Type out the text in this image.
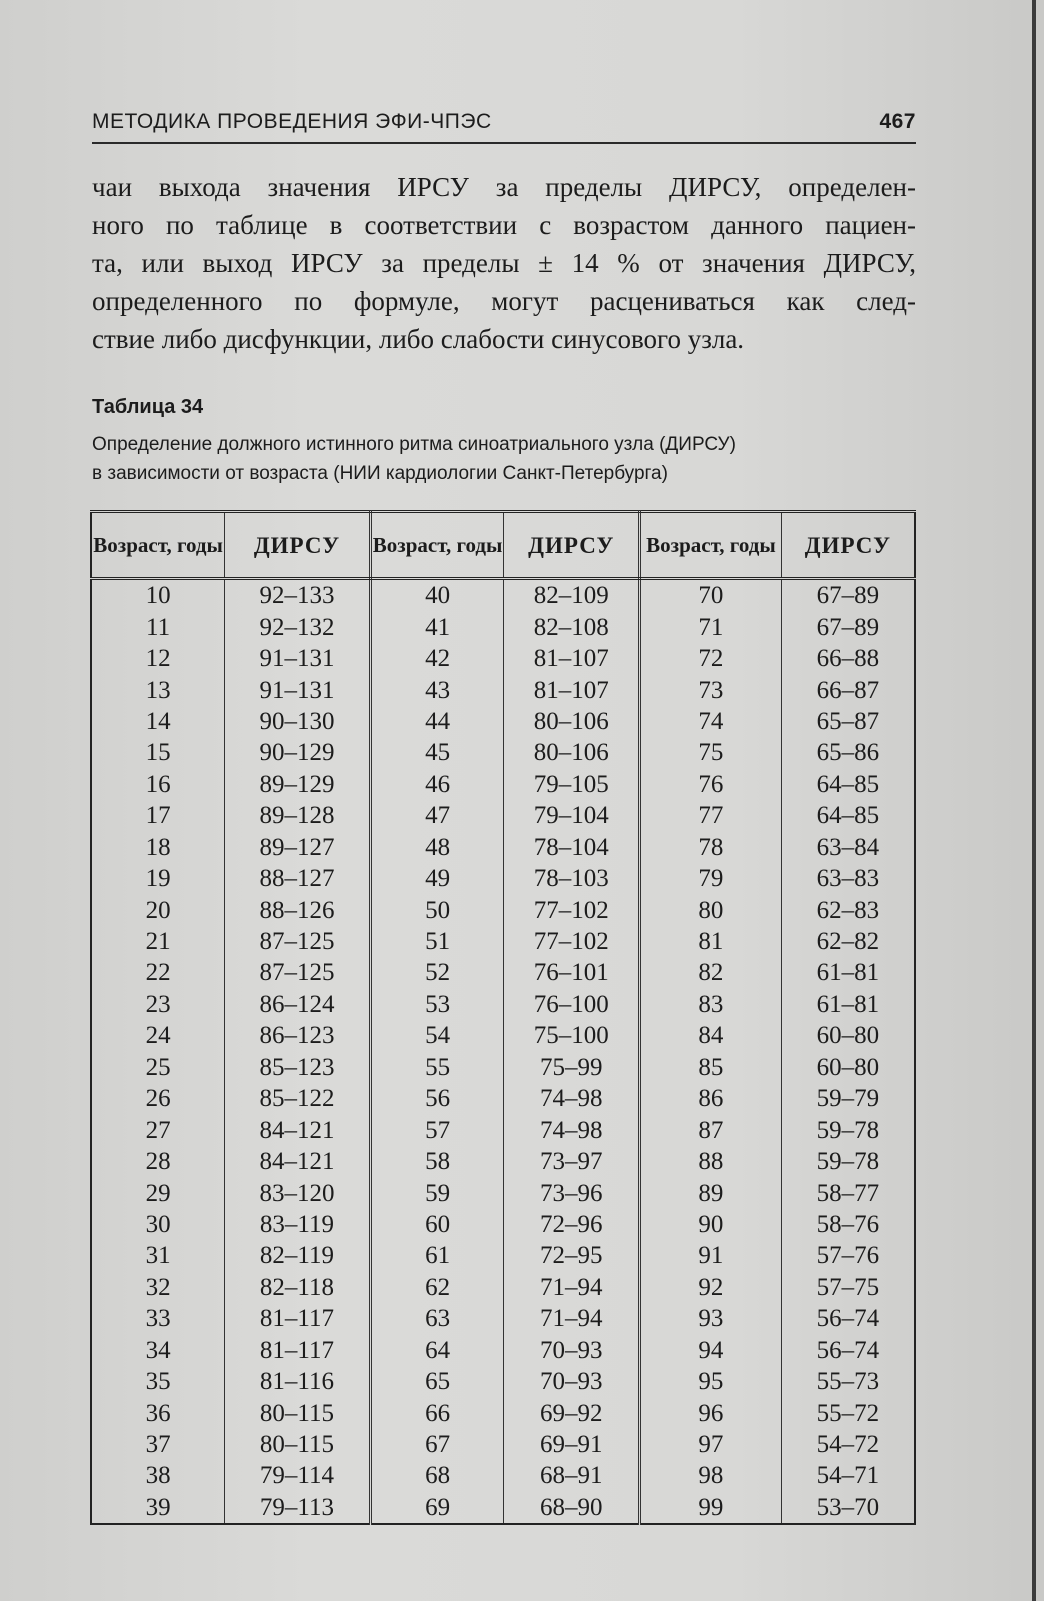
МЕТОДИКА ПРОВЕДЕНИЯ ЭФИ-ЧПЭС	467
чаи выхода значения ИРСУ за пределы ДИРСУ, определен-
ного по таблице в соответствии с возрастом данного пациен-
та, или выход ИРСУ за пределы ± 14 % от значения ДИРСУ,
определенного по формуле, могут расцениваться как след-
ствие либо дисфункции, либо слабости синусового узла.
Таблица 34
Определение должного истинного ритма синоатриального узла (ДИРСУ)
в зависимости от возраста (НИИ кардиологии Санкт-Петербурга)
Возраст, годы	ДИРСУ	Возраст, годы	ДИРСУ	Возраст, годы	ДИРСУ
10	92–133	40	82–109	70	67–89
11	92–132	41	82–108	71	67–89
12	91–131	42	81–107	72	66–88
13	91–131	43	81–107	73	66–87
14	90–130	44	80–106	74	65–87
15	90–129	45	80–106	75	65–86
16	89–129	46	79–105	76	64–85
17	89–128	47	79–104	77	64–85
18	89–127	48	78–104	78	63–84
19	88–127	49	78–103	79	63–83
20	88–126	50	77–102	80	62–83
21	87–125	51	77–102	81	62–82
22	87–125	52	76–101	82	61–81
23	86–124	53	76–100	83	61–81
24	86–123	54	75–100	84	60–80
25	85–123	55	75–99	85	60–80
26	85–122	56	74–98	86	59–79
27	84–121	57	74–98	87	59–78
28	84–121	58	73–97	88	59–78
29	83–120	59	73–96	89	58–77
30	83–119	60	72–96	90	58–76
31	82–119	61	72–95	91	57–76
32	82–118	62	71–94	92	57–75
33	81–117	63	71–94	93	56–74
34	81–117	64	70–93	94	56–74
35	81–116	65	70–93	95	55–73
36	80–115	66	69–92	96	55–72
37	80–115	67	69–91	97	54–72
38	79–114	68	68–91	98	54–71
39	79–113	69	68–90	99	53–70
